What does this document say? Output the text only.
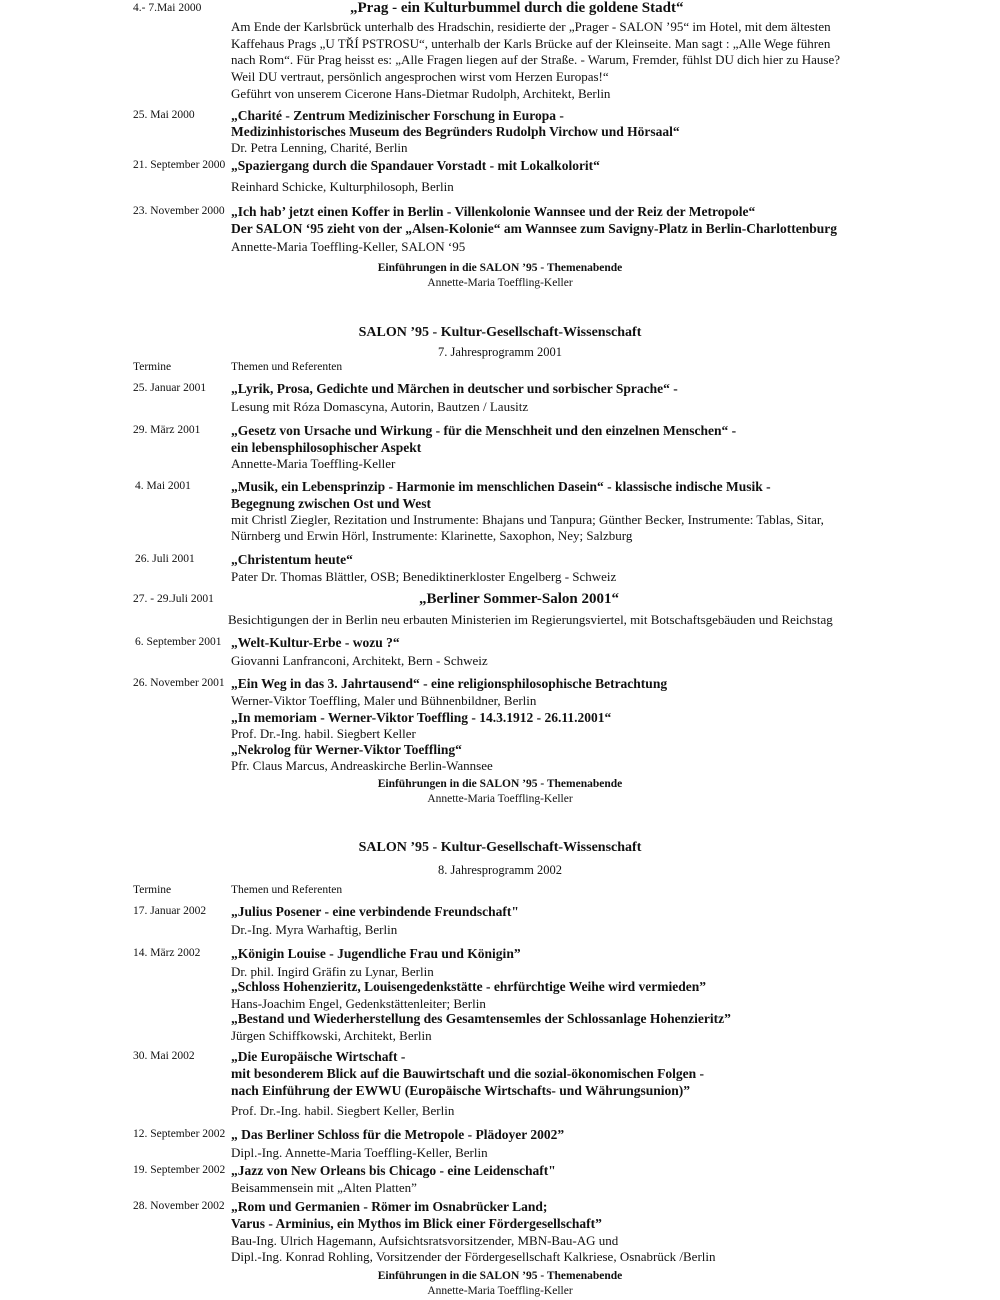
4.- 7.Mai 2000	„Prag - ein Kulturbummel durch die goldene Stadt“
Am Ende der Karlsbrück unterhalb des Hradschin, residierte der „Prager - SALON ’95“ im Hotel, mit dem ältesten
Kaffehaus Prags „U TŘÍ PSTROSU“, unterhalb der Karls Brücke auf der Kleinseite. Man sagt : „Alle Wege führen
nach Rom“. Für Prag heisst es: „Alle Fragen liegen auf der Straße. - Warum, Fremder, fühlst DU dich hier zu Hause?
Weil DU vertraut, persönlich angesprochen wirst vom Herzen Europas!“
Geführt von unserem Cicerone Hans-Dietmar Rudolph, Architekt, Berlin
25. Mai 2000	„Charité - Zentrum Medizinischer Forschung in Europa -
Medizinhistorisches Museum des Begründers Rudolph Virchow und Hörsaal“
Dr. Petra Lenning, Charité, Berlin
21. September 2000 „Spaziergang durch die Spandauer Vorstadt - mit Lokalkolorit“
Reinhard Schicke, Kulturphilosoph, Berlin
23. November 2000 „Ich hab’ jetzt einen Koffer in Berlin - Villenkolonie Wannsee und der Reiz der Metropole“
Der SALON ‘95 zieht von der „Alsen-Kolonie“ am Wannsee zum Savigny-Platz in Berlin-Charlottenburg
Annette-Maria Toeffling-Keller, SALON ‘95
Einführungen in die SALON ’95 - Themenabende
Annette-Maria Toeffling-Keller
SALON ’95 - Kultur-Gesellschaft-Wissenschaft
7. Jahresprogramm 2001
Termine	Themen und Referenten
25. Januar 2001 „Lyrik, Prosa, Gedichte und Märchen in deutscher und sorbischer Sprache“ -
Lesung mit Róza Domascyna, Autorin, Bautzen / Lausitz
29. März 2001 „Gesetz von Ursache und Wirkung - für die Menschheit und den einzelnen Menschen“ -
ein lebensphilosophischer Aspekt
Annette-Maria Toeffling-Keller
4. Mai 2001	„Musik, ein Lebensprinzip - Harmonie im menschlichen Dasein“ - klassische indische Musik -
Begegnung zwischen Ost und West
mit Christl Ziegler, Rezitation und Instrumente: Bhajans und Tanpura; Günther Becker, Instrumente: Tablas, Sitar,
Nürnberg und Erwin Hörl, Instrumente: Klarinette, Saxophon, Ney; Salzburg
26. Juli 2001	„Christentum heute“
Pater Dr. Thomas Blättler, OSB; Benediktinerkloster Engelberg - Schweiz
27. - 29.Juli 2001	„Berliner Sommer-Salon 2001“
Besichtigungen der in Berlin neu erbauten Ministerien im Regierungsviertel, mit Botschaftsgebäuden und Reichstag
6. September 2001 „Welt-Kultur-Erbe - wozu ?“
Giovanni Lanfranconi, Architekt, Bern - Schweiz
26. November 2001 „Ein Weg in das 3. Jahrtausend“ - eine religionsphilosophische Betrachtung
Werner-Viktor Toeffling, Maler und Bühnenbildner, Berlin
„In memoriam - Werner-Viktor Toeffling - 14.3.1912 - 26.11.2001“
Prof. Dr.-Ing. habil. Siegbert Keller
„Nekrolog für Werner-Viktor Toeffling“
Pfr. Claus Marcus, Andreaskirche Berlin-Wannsee
Einführungen in die SALON ’95 - Themenabende
Annette-Maria Toeffling-Keller
SALON ’95 - Kultur-Gesellschaft-Wissenschaft
8. Jahresprogramm 2002
Termine	Themen und Referenten
17. Januar 2002 „Julius Posener - eine verbindende Freundschaft"
Dr.-Ing. Myra Warhaftig, Berlin
14. März 2002 „Königin Louise - Jugendliche Frau und Königin”
Dr. phil. Ingird Gräfin zu Lynar, Berlin
„Schloss Hohenzieritz, Louisengedenkstätte - ehrfürchtige Weihe wird vermieden”
Hans-Joachim Engel, Gedenkstättenleiter; Berlin
„Bestand und Wiederherstellung des Gesamtensemles der Schlossanlage Hohenzieritz”
Jürgen Schiffkowski, Architekt, Berlin
30. Mai 2002	„Die Europäische Wirtschaft -
mit besonderem Blick auf die Bauwirtschaft und die sozial-ökonomischen Folgen -
nach Einführung der EWWU (Europäische Wirtschafts- und Währungsunion)”
Prof. Dr.-Ing. habil. Siegbert Keller, Berlin
12. September 2002 „ Das Berliner Schloss für die Metropole - Plädoyer 2002”
Dipl.-Ing. Annette-Maria Toeffling-Keller, Berlin
19. September 2002 „Jazz von New Orleans bis Chicago - eine Leidenschaft"
Beisammensein mit „Alten Platten”
28. November 2002 „Rom und Germanien - Römer im Osnabrücker Land;
Varus - Arminius, ein Mythos im Blick einer Fördergesellschaft”
Bau-Ing. Ulrich Hagemann, Aufsichtsratsvorsitzender, MBN-Bau-AG und
Dipl.-Ing. Konrad Rohling, Vorsitzender der Fördergesellschaft Kalkriese, Osnabrück /Berlin
Einführungen in die SALON ’95 - Themenabende
Annette-Maria Toeffling-Keller
